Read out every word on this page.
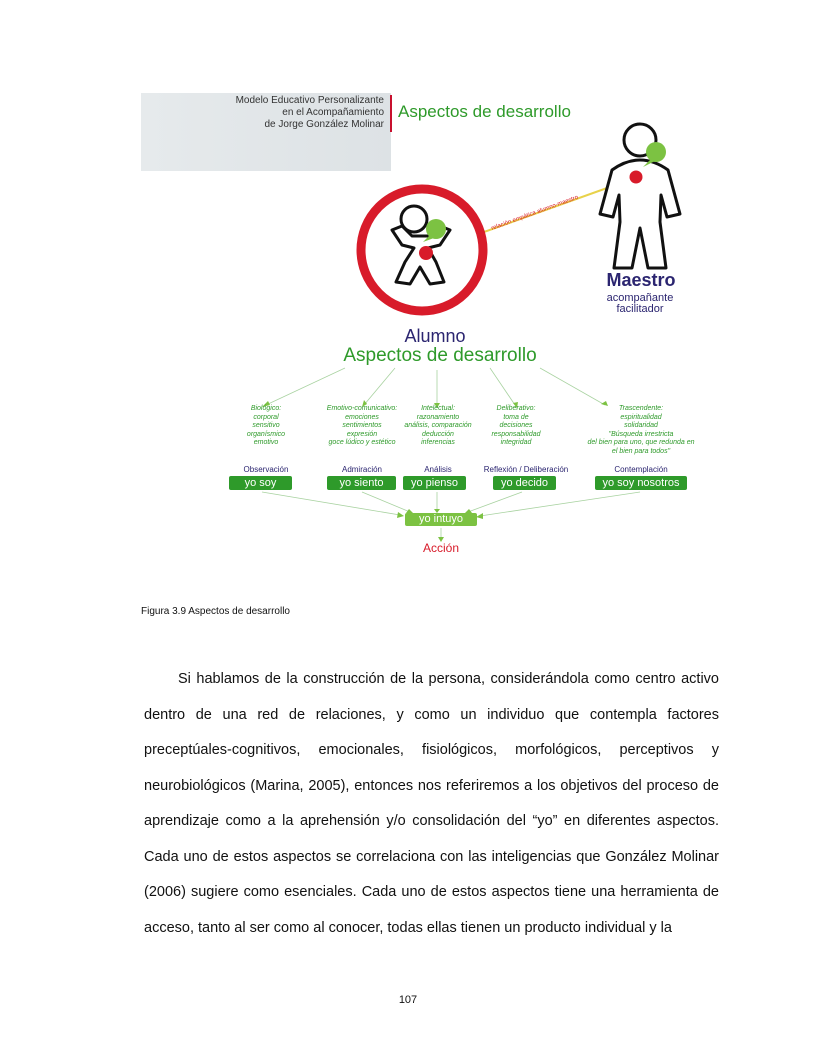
Modelo Educativo Personalizante
en el Acompañamiento
de Jorge González Molinar
Aspectos de desarrollo
relación empática alumno-maestro
Maestro
acompañante
facilitador
Alumno
Aspectos de desarrollo
Biológico:
corporal
sensitivo
organísmico
emotivo
Observación
yo soy
Emotivo-comunicativo:
emociones
sentimientos
expresión
goce lúdico y estético
Admiración
yo siento
Intelectual:
razonamiento
análisis, comparación
deducción
inferencias
Análisis
yo pienso
Deliberativo:
toma de
decisiones
responsabilidad
integridad
Reflexión / Deliberación
yo decido
Trascendente:
espiritualidad
solidaridad
"Búsqueda irrestricta
del bien para uno, que redunda en
el bien para todos"
Contemplación
yo soy nosotros
yo intuyo
Acción
Figura 3.9 Aspectos de desarrollo

Si hablamos de la construcción de la persona, considerándola como centro activo dentro de una red de relaciones, y como un individuo que contempla factores preceptúales-cognitivos, emocionales, fisiológicos, morfológicos, perceptivos y neurobiológicos (Marina, 2005), entonces nos referiremos a los objetivos del proceso de aprendizaje como a la aprehensión y/o consolidación del “yo” en diferentes aspectos. Cada uno de estos aspectos se correlaciona con las inteligencias que González Molinar (2006) sugiere como esenciales. Cada uno de estos aspectos tiene una herramienta de acceso, tanto al ser como al conocer, todas ellas tienen un producto individual y la

107
